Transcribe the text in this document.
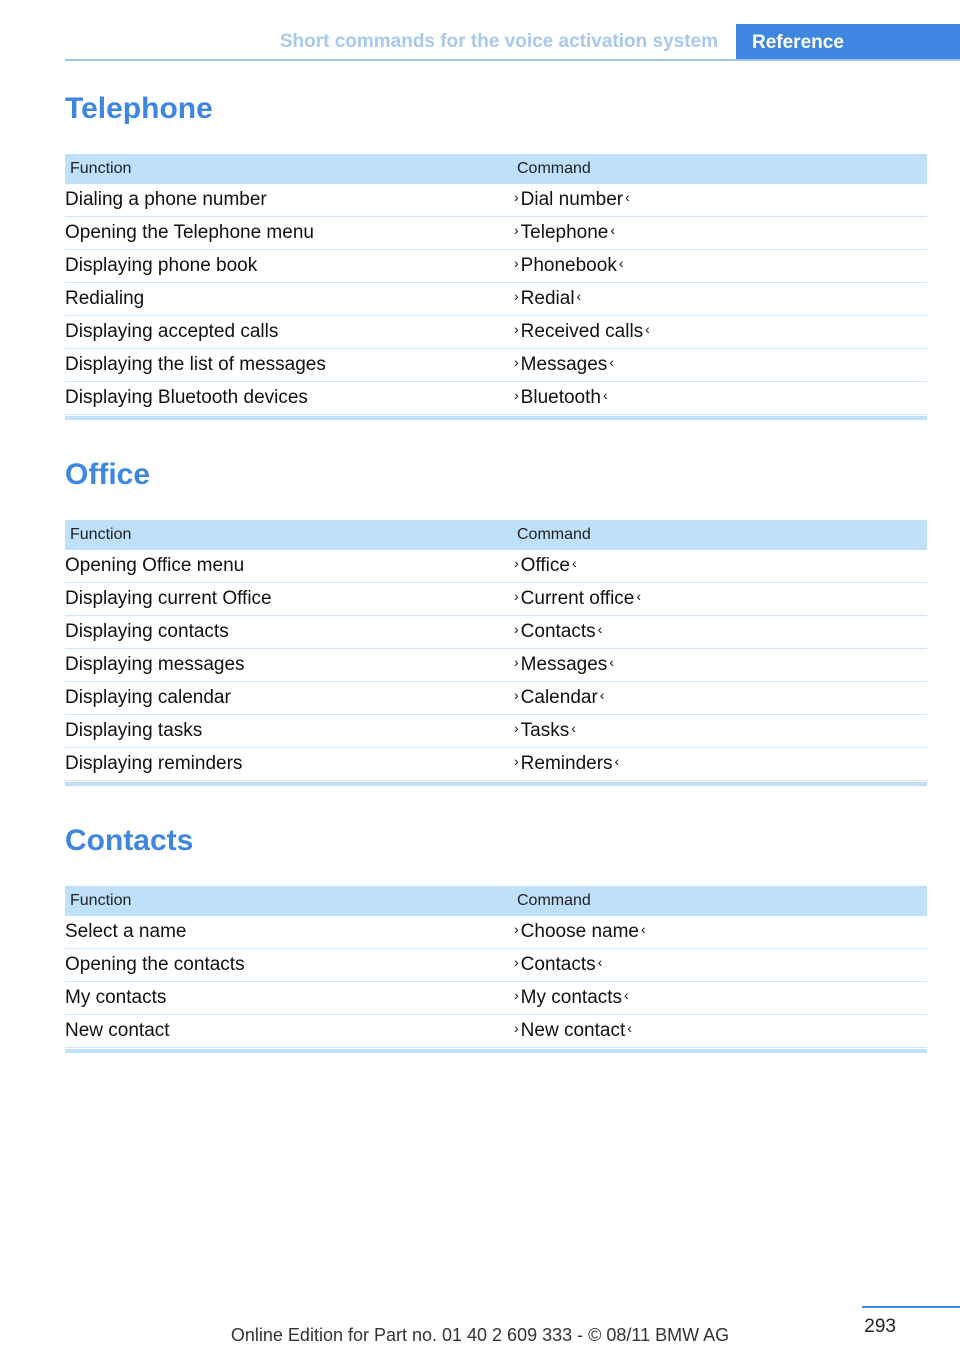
Short commands for the voice activation system	Reference
Telephone
Function	Command
Dialing a phone number	› Dial number ‹
Opening the Telephone menu	› Telephone ‹
Displaying phone book	› Phonebook ‹
Redialing	› Redial ‹
Displaying accepted calls	› Received calls ‹
Displaying the list of messages	› Messages ‹
Displaying Bluetooth devices	› Bluetooth ‹
Office
Function	Command
Opening Office menu	› Office ‹
Displaying current Office	› Current office ‹
Displaying contacts	› Contacts ‹
Displaying messages	› Messages ‹
Displaying calendar	› Calendar ‹
Displaying tasks	› Tasks ‹
Displaying reminders	› Reminders ‹
Contacts
Function	Command
Select a name	› Choose name ‹
Opening the contacts	› Contacts ‹
My contacts	› My contacts ‹
New contact	› New contact ‹
293
Online Edition for Part no. 01 40 2 609 333 - © 08/11 BMW AG
